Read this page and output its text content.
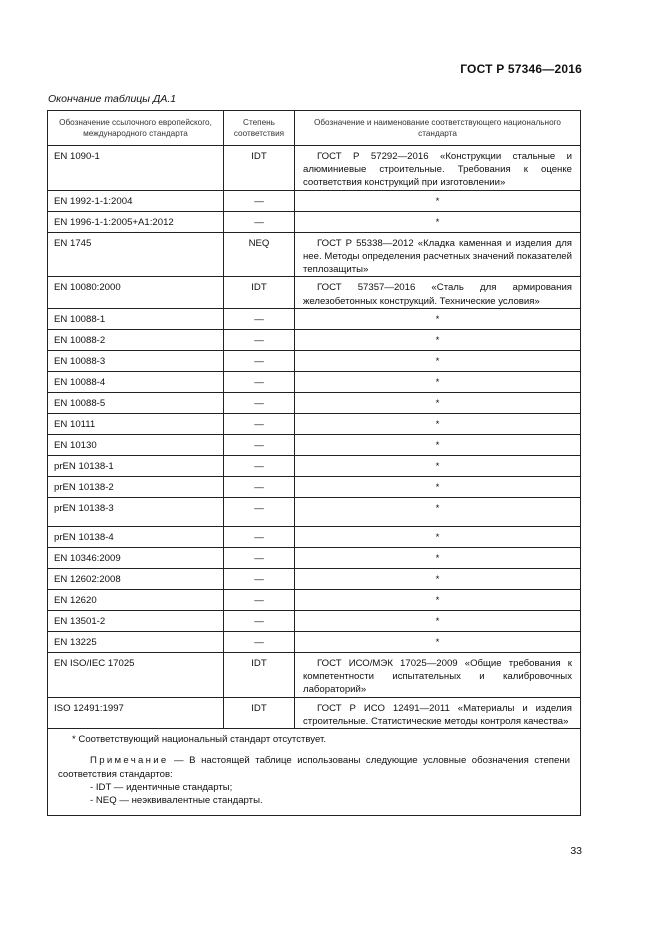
ГОСТ Р 57346—2016
Окончание таблицы ДА.1
Обозначение ссылочного европейского, международного стандарта	Степень соответствия	Обозначение и наименование соответствующего национального стандарта
EN 1090-1	IDT	ГОСТ Р 57292—2016 «Конструкции стальные и алюминиевые строительные. Требования к оценке соответствия конструкций при изготовлении»

EN 1992-1-1:2004	—	*
EN 1996-1-1:2005+A1:2012	—	*
EN 1745	NEQ	ГОСТ Р 55338—2012 «Кладка каменная и изделия для нее. Методы определения расчетных значений показателей теплозащиты»

EN 10080:2000	IDT	ГОСТ 57357—2016 «Сталь для армирования железобетонных конструкций. Технические условия»

EN 10088-1	—	*
EN 10088-2	—	*
EN 10088-3	—	*
EN 10088-4	—	*
EN 10088-5	—	*
EN 10111	—	*
EN 10130	—	*
prEN 10138-1	—	*
prEN 10138-2	—	*
prEN 10138-3	—	*
prEN 10138-4	—	*
EN 10346:2009	—	*
EN 12602:2008	—	*
EN 12620	—	*
EN 13501-2	—	*
EN 13225	—	*
EN ISO/IEC 17025	IDT	ГОСТ ИСО/МЭК 17025—2009 «Общие требования к компетентности испытательных и калибровочных лабораторий»

ISO 12491:1997	IDT	ГОСТ Р ИСО 12491—2011 «Материалы и изделия строительные. Статистические методы контроля качества»

* Соответствующий национальный стандарт отсутствует.

Примечание — В настоящей таблице использованы следующие условные обозначения степени соответствия стандартов:

- IDT — идентичные стандарты;

- NEQ — неэквивалентные стандарты.		

33
